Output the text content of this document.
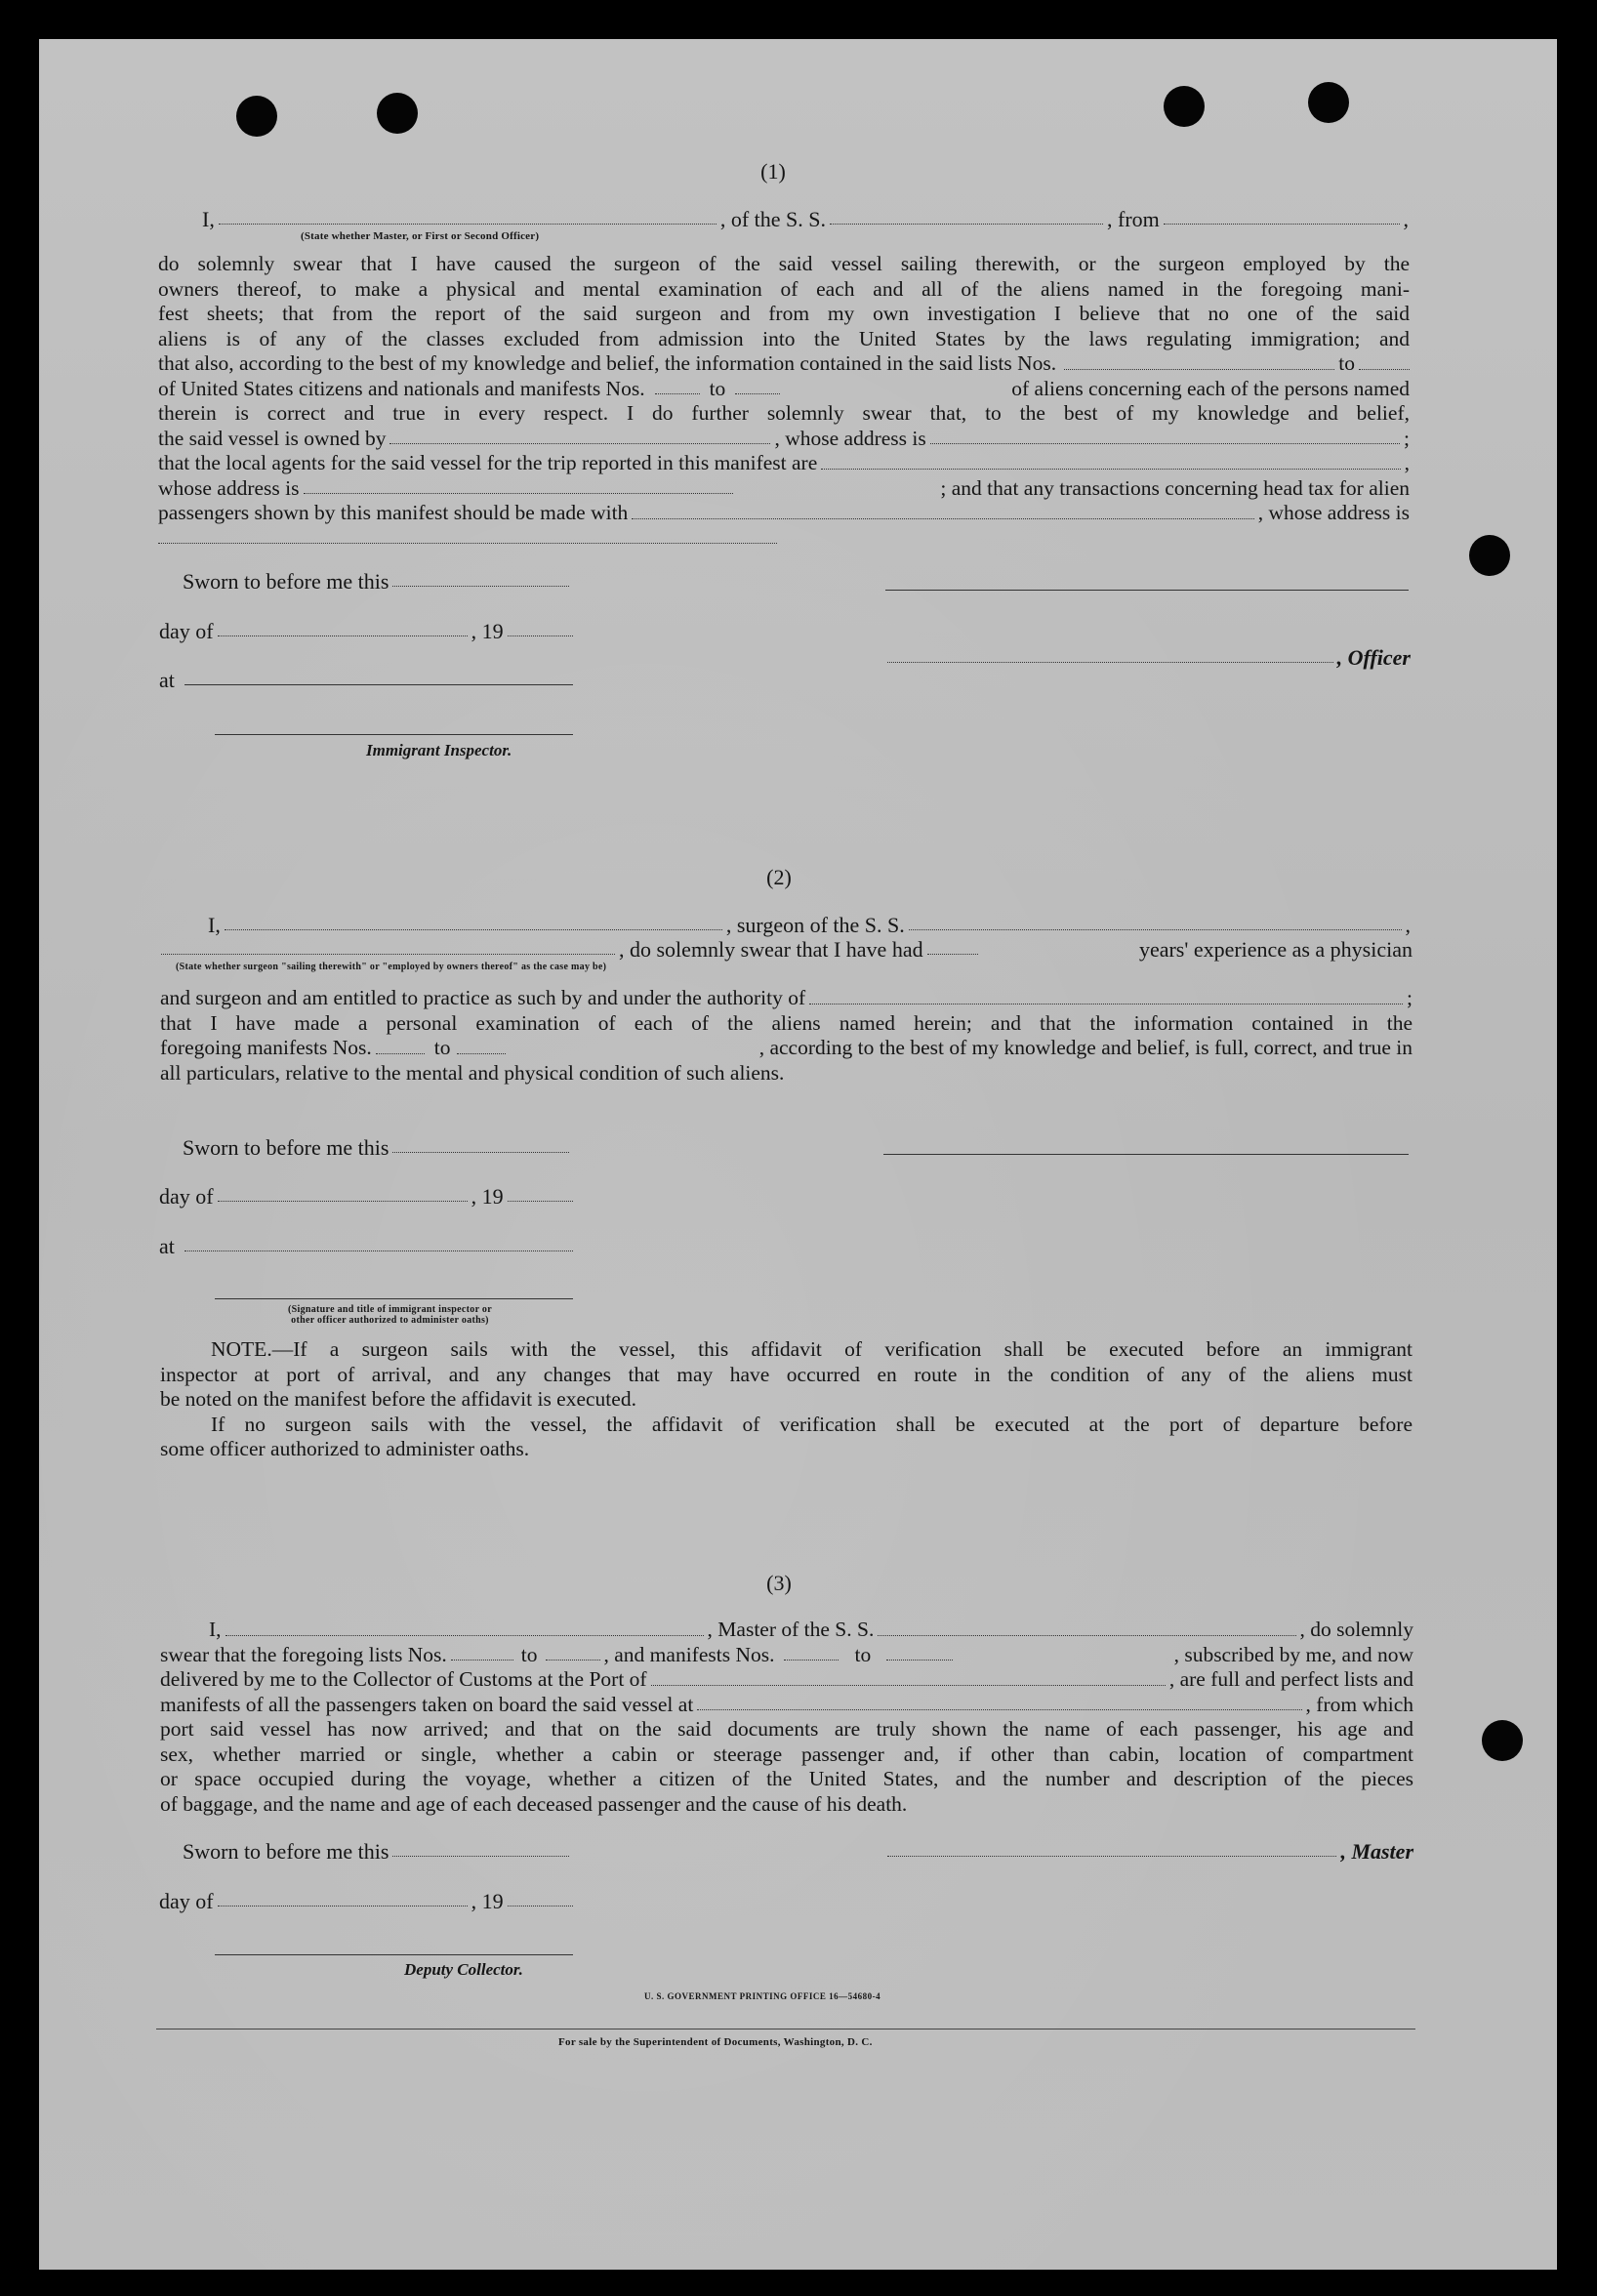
(1)
I,	, of the S. S.	, from	,
(State whether Master, or First or Second Officer)
do solemnly swear that I have caused the surgeon of the said vessel sailing therewith, or the surgeon employed by the
owners thereof, to make a physical and mental examination of each and all of the aliens named in the foregoing mani-
fest sheets; that from the report of the said surgeon and from my own investigation I believe that no one of the said
aliens is of any of the classes excluded from admission into the United States by the laws regulating immigration; and
that also, according to the best of my knowledge and belief, the information contained in the said lists Nos.	to
of United States citizens and nationals and manifests Nos.	to	of aliens concerning each of the persons named
therein is correct and true in every respect. I do further solemnly swear that, to the best of my knowledge and belief,
the said vessel is owned by	, whose address is	;
that the local agents for the said vessel for the trip reported in this manifest are	,
whose address is	; and that any transactions concerning head tax for alien
passengers shown by this manifest should be made with	, whose address is
Sworn to before me this
day of	, 19
at
Immigrant Inspector.
, Officer
(2)
I,	, surgeon of the S. S.	,
, do solemnly swear that I have had	years' experience as a physician
(State whether surgeon "sailing therewith" or "employed by owners thereof" as the case may be)
and surgeon and am entitled to practice as such by and under the authority of	;
that I have made a personal examination of each of the aliens named herein; and that the information contained in the
foregoing manifests Nos.	to	, according to the best of my knowledge and belief, is full, correct, and true in
all particulars, relative to the mental and physical condition of such aliens.
Sworn to before me this
day of	, 19
at
(Signature and title of immigrant inspector or
other officer authorized to administer oaths)
NOTE.—If a surgeon sails with the vessel, this affidavit of verification shall be executed before an immigrant
inspector at port of arrival, and any changes that may have occurred en route in the condition of any of the aliens must
be noted on the manifest before the affidavit is executed.
If no surgeon sails with the vessel, the affidavit of verification shall be executed at the port of departure before
some officer authorized to administer oaths.
(3)
I,	, Master of the S. S.	, do solemnly
swear that the foregoing lists Nos.	to	, and manifests Nos.	to	, subscribed by me, and now
delivered by me to the Collector of Customs at the Port of	, are full and perfect lists and
manifests of all the passengers taken on board the said vessel at	, from which
port said vessel has now arrived; and that on the said documents are truly shown the name of each passenger, his age and
sex, whether married or single, whether a cabin or steerage passenger and, if other than cabin, location of compartment
or space occupied during the voyage, whether a citizen of the United States, and the number and description of the pieces
of baggage, and the name and age of each deceased passenger and the cause of his death.
Sworn to before me this	, Master
day of	, 19
Deputy Collector.
U. S. GOVERNMENT PRINTING OFFICE 16—54680-4
For sale by the Superintendent of Documents, Washington, D. C.
